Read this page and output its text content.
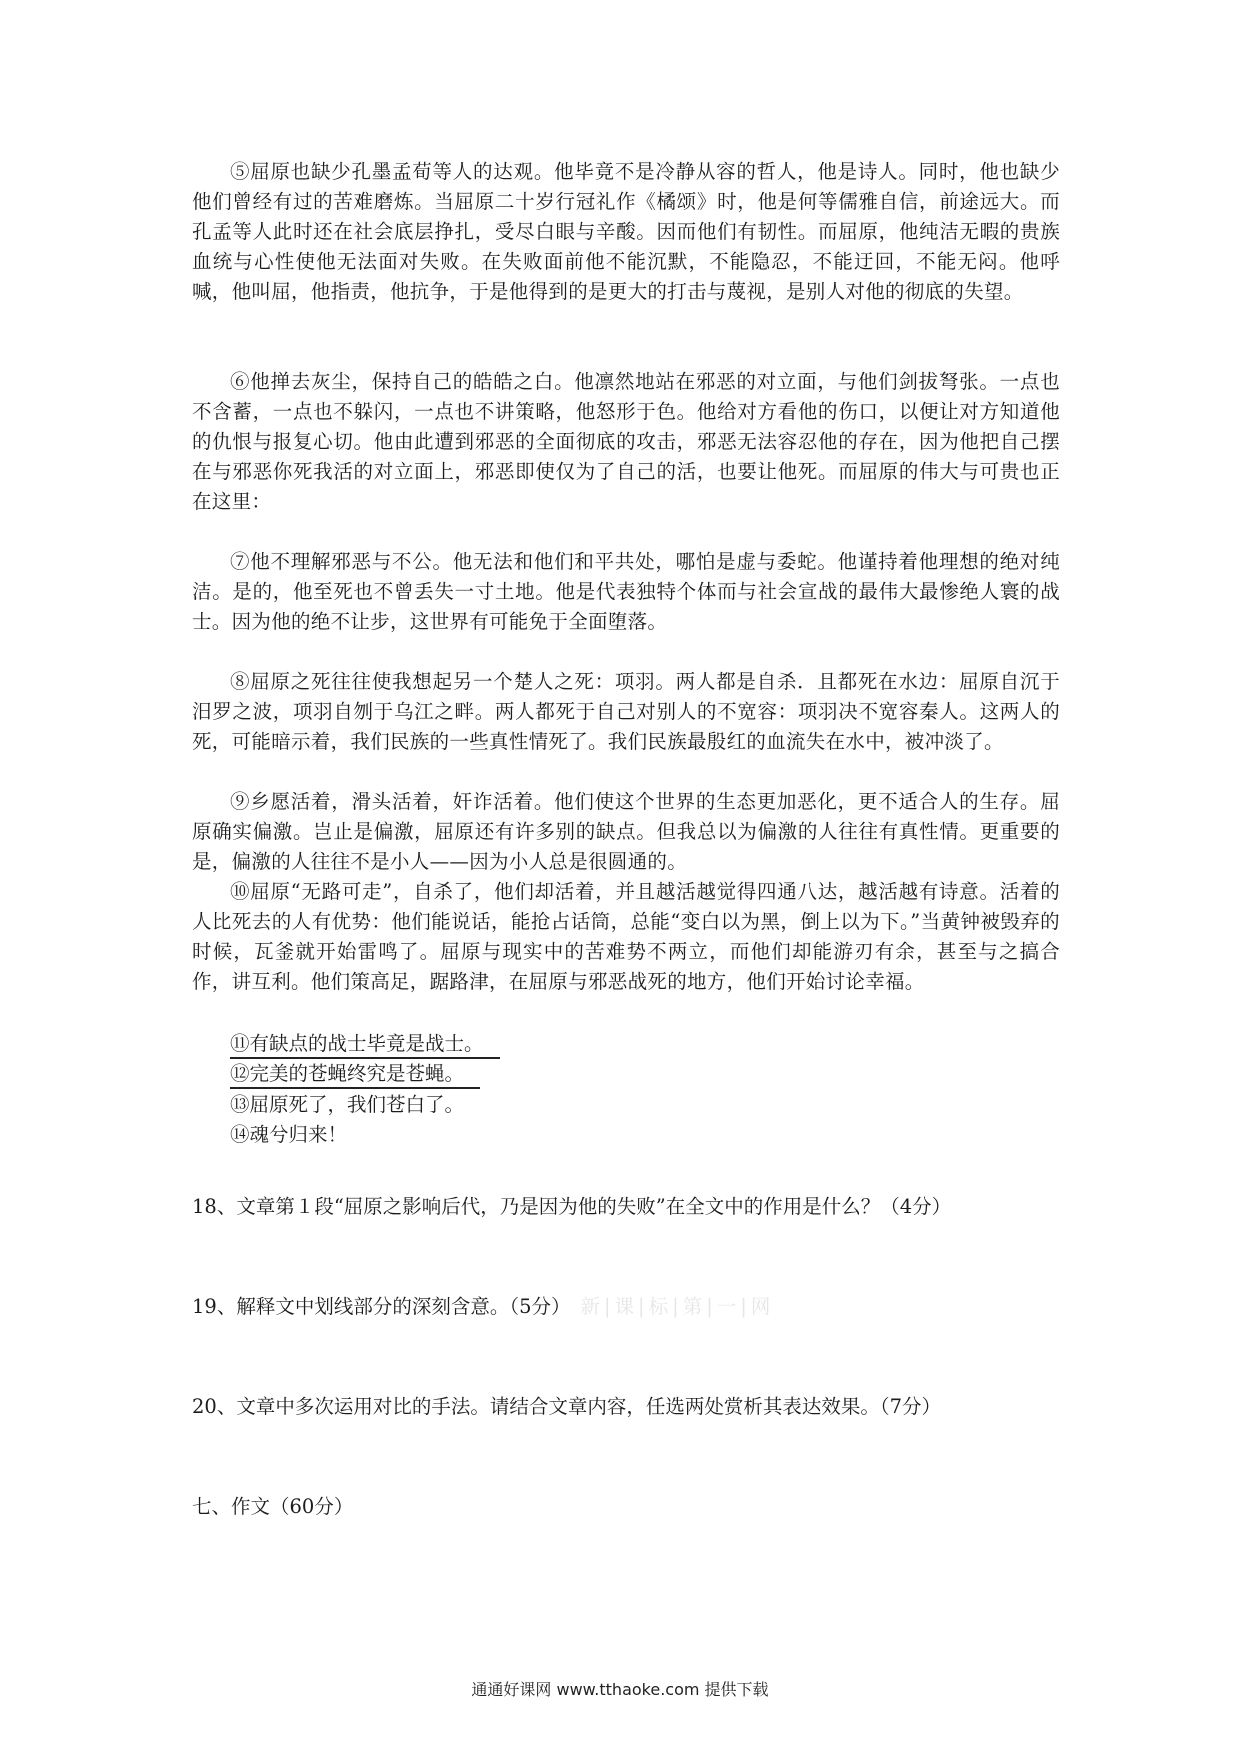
⑤屈原也缺少孔墨孟荀等人的达观。他毕竟不是冷静从容的哲人，他是诗人。同时，他也缺少他们曾经有过的苦难磨炼。当屈原二十岁行冠礼作《橘颂》时，他是何等儒雅自信，前途远大。而孔孟等人此时还在社会底层挣扎，受尽白眼与辛酸。因而他们有韧性。而屈原，他纯洁无暇的贵族血统与心性使他无法面对失败。在失败面前他不能沉默，不能隐忍，不能迂回，不能无闷。他呼喊，他叫屈，他指责，他抗争，于是他得到的是更大的打击与蔑视，是别人对他的彻底的失望。

⑥他掸去灰尘，保持自己的皓皓之白。他凛然地站在邪恶的对立面，与他们剑拔弩张。一点也不含蓄，一点也不躲闪，一点也不讲策略，他怒形于色。他给对方看他的伤口，以便让对方知道他的仇恨与报复心切。他由此遭到邪恶的全面彻底的攻击，邪恶无法容忍他的存在，因为他把自己摆在与邪恶你死我活的对立面上，邪恶即使仅为了自己的活，也要让他死。而屈原的伟大与可贵也正在这里：

⑦他不理解邪恶与不公。他无法和他们和平共处，哪怕是虚与委蛇。他谨持着他理想的绝对纯洁。是的，他至死也不曾丢失一寸土地。他是代表独特个体而与社会宣战的最伟大最惨绝人寰的战士。因为他的绝不让步，这世界有可能免于全面堕落。

⑧屈原之死往往使我想起另一个楚人之死：项羽。两人都是自杀．且都死在水边：屈原自沉于汨罗之波，项羽自刎于乌江之畔。两人都死于自己对别人的不宽容：项羽决不宽容秦人。这两人的死，可能暗示着，我们民族的一些真性情死了。我们民族最殷红的血流失在水中，被冲淡了。

⑨乡愿活着，滑头活着，奸诈活着。他们使这个世界的生态更加恶化，更不适合人的生存。屈原确实偏激。岂止是偏激，屈原还有许多别的缺点。但我总以为偏激的人往往有真性情。更重要的是，偏激的人往往不是小人——因为小人总是很圆通的。

⑩屈原“无路可走”，自杀了，他们却活着，并且越活越觉得四通八达，越活越有诗意。活着的人比死去的人有优势：他们能说话，能抢占话筒，总能“变白以为黑，倒上以为下。”当黄钟被毁弃的时候，瓦釜就开始雷鸣了。屈原与现实中的苦难势不两立，而他们却能游刃有余，甚至与之搞合作，讲互利。他们策高足，踞路津，在屈原与邪恶战死的地方，他们开始讨论幸福。

⑪有缺点的战士毕竟是战士。

⑫完美的苍蝇终究是苍蝇。

⑬屈原死了，我们苍白了。

⑭魂兮归来！

18、文章第１段“屈原之影响后代，乃是因为他的失败”在全文中的作用是什么？（4分）

19、解释文中划线部分的深刻含意。（5分） 新|课|标|第|一|网

20、文章中多次运用对比的手法。请结合文章内容，任选两处赏析其表达效果。（7分）

七、作文（60分）

通通好课网 www.tthaoke.com 提供下载
